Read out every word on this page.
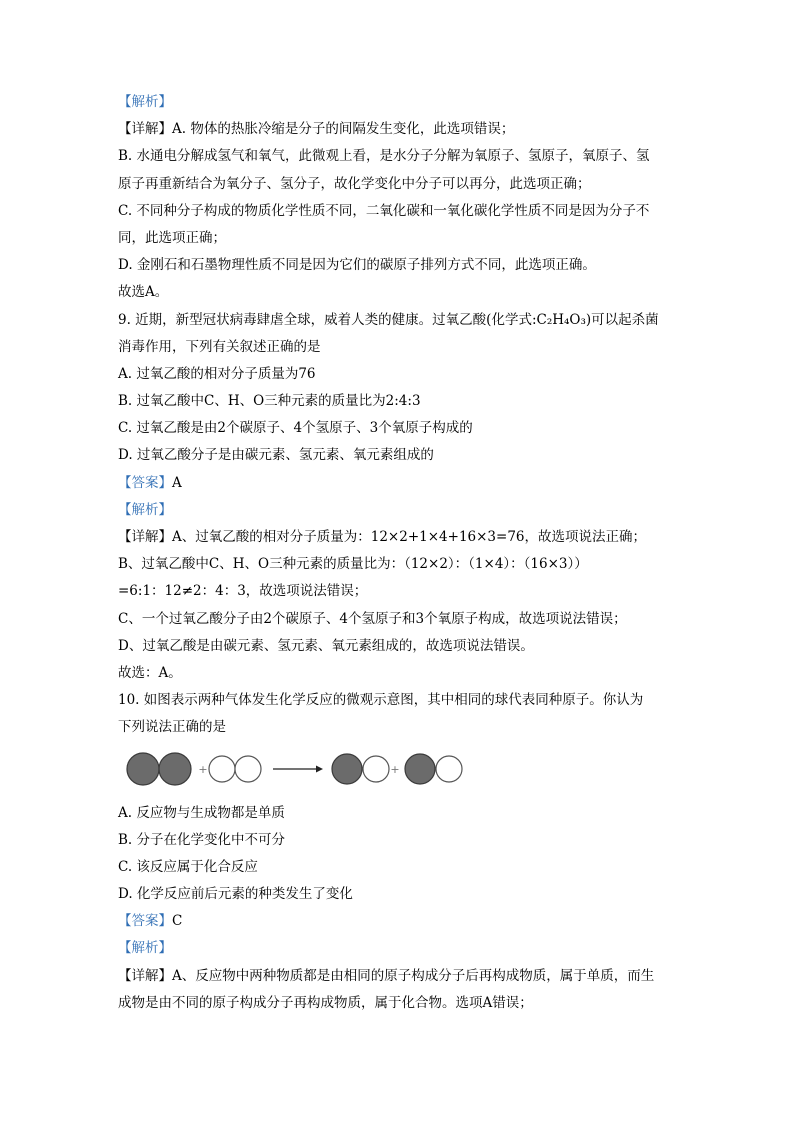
【解析】
【详解】A. 物体的热胀冷缩是分子的间隔发生变化，此选项错误；
B. 水通电分解成氢气和氧气，此微观上看，是水分子分解为氧原子、氢原子，氧原子、氢
原子再重新结合为氧分子、氢分子，故化学变化中分子可以再分，此选项正确；
C. 不同种分子构成的物质化学性质不同，二氧化碳和一氧化碳化学性质不同是因为分子不
同，此选项正确；
D. 金刚石和石墨物理性质不同是因为它们的碳原子排列方式不同，此选项正确。
故选A。
9. 近期，新型冠状病毒肆虐全球，威着人类的健康。过氧乙酸(化学式:C₂H₄O₃)可以起杀菌
消毒作用，下列有关叙述正确的是
A. 过氧乙酸的相对分子质量为76
B. 过氧乙酸中C、H、O三种元素的质量比为2:4:3
C. 过氧乙酸是由2个碳原子、4个氢原子、3个氧原子构成的
D. 过氧乙酸分子是由碳元素、氢元素、氧元素组成的
【答案】A
【解析】
【详解】A、过氧乙酸的相对分子质量为：12×2+1×4+16×3=76，故选项说法正确；
B、过氧乙酸中C、H、O三种元素的质量比为：（12×2）：（1×4）：（16×3））
=6:1：12≠2：4：3，故选项说法错误；
C、一个过氧乙酸分子由2个碳原子、4个氢原子和3个氧原子构成，故选项说法错误；
D、过氧乙酸是由碳元素、氢元素、氧元素组成的，故选项说法错误。
故选：A。
10. 如图表示两种气体发生化学反应的微观示意图，其中相同的球代表同种原子。你认为
下列说法正确的是
+	+
A. 反应物与生成物都是单质
B. 分子在化学变化中不可分
C. 该反应属于化合反应
D. 化学反应前后元素的种类发生了变化
【答案】C
【解析】
【详解】A、反应物中两种物质都是由相同的原子构成分子后再构成物质，属于单质，而生
成物是由不同的原子构成分子再构成物质，属于化合物。选项A错误；
